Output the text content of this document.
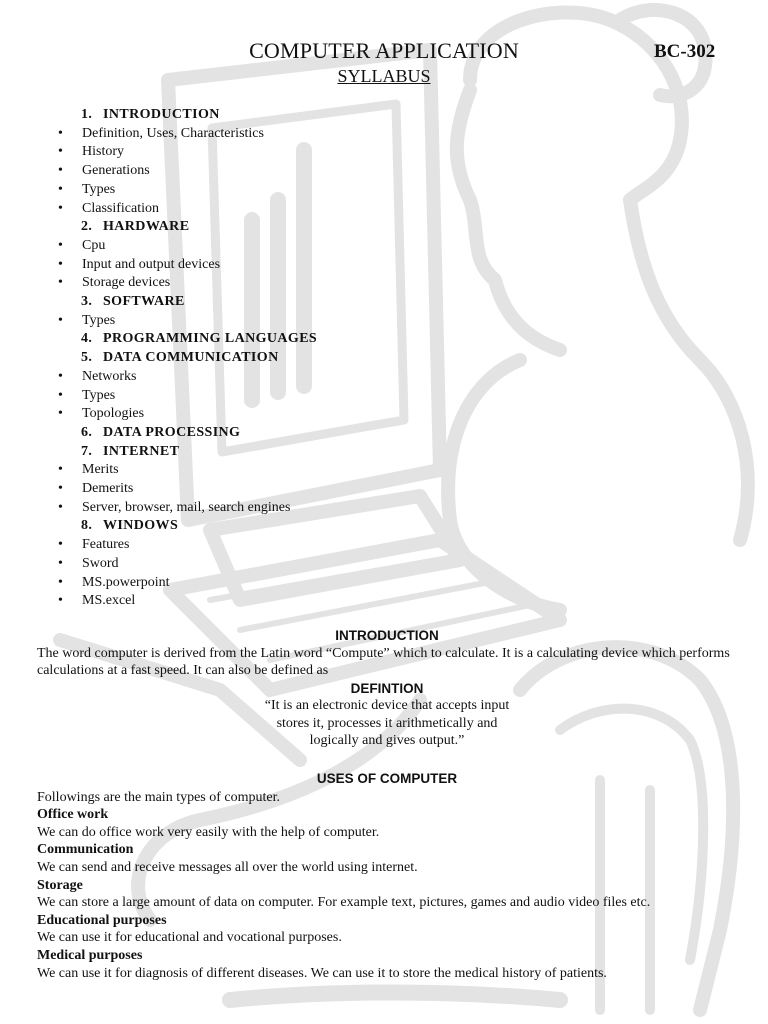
COMPUTER APPLICATION	BC-302
SYLLABUS
1. INTRODUCTION
• Definition, Uses, Characteristics
• History
• Generations
• Types
• Classification
2. HARDWARE
• Cpu
• Input and output devices
• Storage devices
3. SOFTWARE
• Types
4. PROGRAMMING LANGUAGES
5. DATA COMMUNICATION
• Networks
• Types
• Topologies
6. DATA PROCESSING
7. INTERNET
• Merits
• Demerits
• Server, browser, mail, search engines
8. WINDOWS
• Features
• Sword
• MS.powerpoint
• MS.excel
INTRODUCTION

The word computer is derived from the Latin word “Compute” which to calculate. It is a calculating device which performs calculations at a fast speed. It can also be defined as

DEFINTION
“It is an electronic device that accepts input
stores it, processes it arithmetically and
logically and gives output.”
USES OF COMPUTER
Followings are the main types of computer.
Office work
We can do office work very easily with the help of computer.
Communication
We can send and receive messages all over the world using internet.
Storage
We can store a large amount of data on computer. For example text, pictures, games and audio video files etc.
Educational purposes
We can use it for educational and vocational purposes.
Medical purposes
We can use it for diagnosis of different diseases. We can use it to store the medical history of patients.
